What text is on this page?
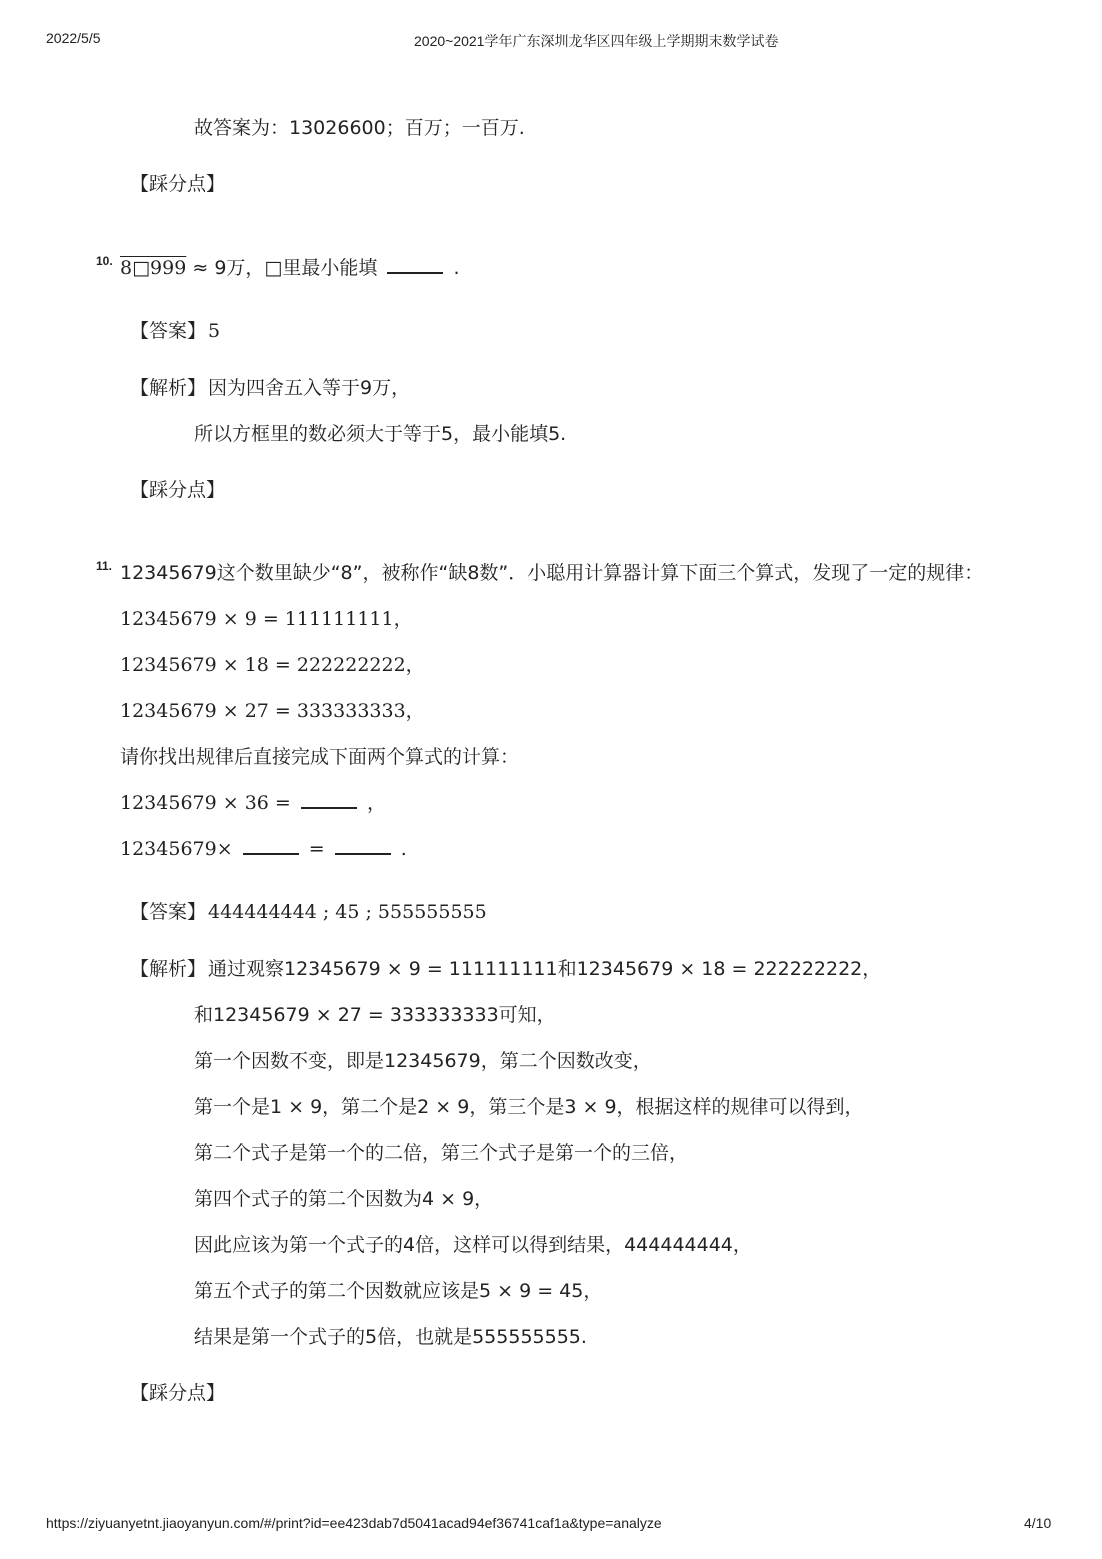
2022/5/5	2020~2021学年广东深圳龙华区四年级上学期期末数学试卷
故答案为：13026600；百万；一百万.
【踩分点】
10. 8□999 ≈ 9万，□里最小能填	.
【答案】 5
【解析】 因为四舍五入等于9万，
所以方框里的数必须大于等于5，最小能填5.
【踩分点】
11. 12345679这个数里缺少“8”，被称作“缺8数”．小聪用计算器计算下面三个算式，发现了一定的规律：
12345679 × 9 = 111111111，
12345679 × 18 = 222222222，
12345679 × 27 = 333333333，
请你找出规律后直接完成下面两个算式的计算：
12345679 × 36 =	，
12345679×	=	.
【答案】 444444444 ; 45 ; 555555555
【解析】 通过观察12345679 × 9 = 111111111和12345679 × 18 = 222222222，
和12345679 × 27 = 333333333可知，
第一个因数不变，即是12345679，第二个因数改变，
第一个是1 × 9，第二个是2 × 9，第三个是3 × 9，根据这样的规律可以得到，
第二个式子是第一个的二倍，第三个式子是第一个的三倍，
第四个式子的第二个因数为4 × 9，
因此应该为第一个式子的4倍，这样可以得到结果，444444444，
第五个式子的第二个因数就应该是5 × 9 = 45，
结果是第一个式子的5倍，也就是555555555.
【踩分点】
https://ziyuanyetnt.jiaoyanyun.com/#/print?id=ee423dab7d5041acad94ef36741caf1a&type=analyze	4/10
